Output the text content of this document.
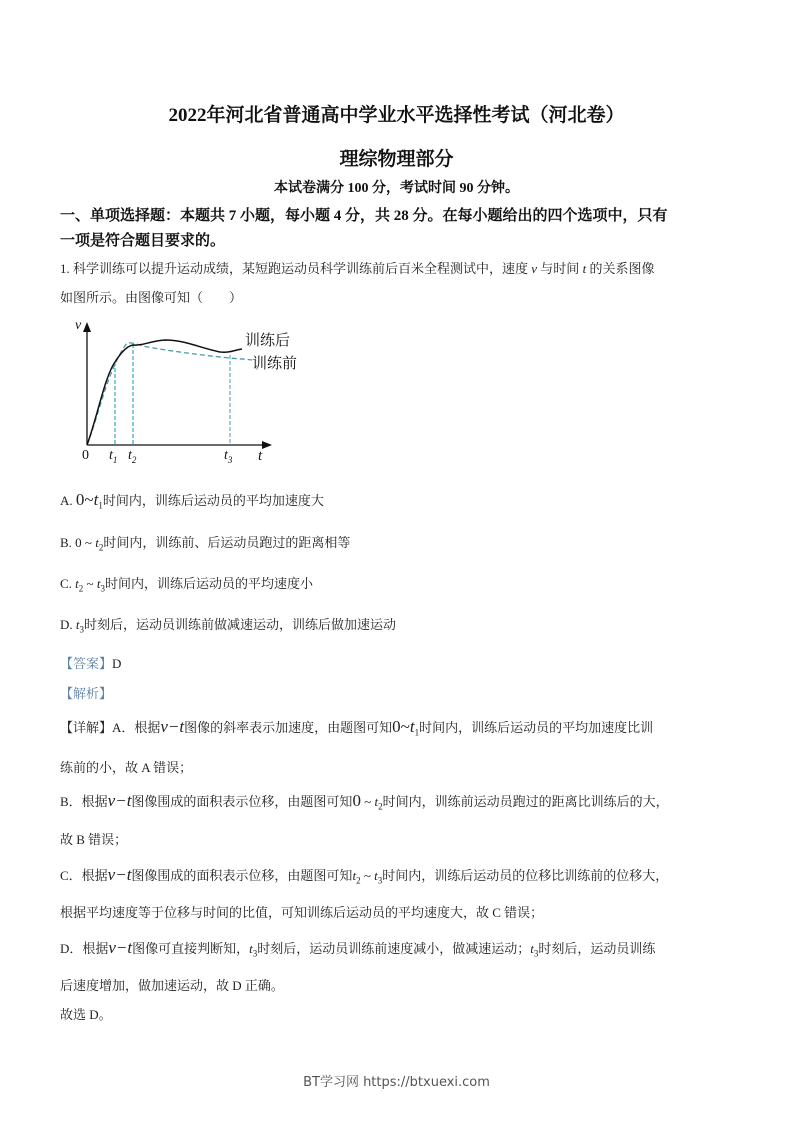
2022年河北省普通高中学业水平选择性考试（河北卷）
理综物理部分
本试卷满分 100 分，考试时间 90 分钟。
一、单项选择题：本题共 7 小题，每小题 4 分，共 28 分。在每小题给出的四个选项中，只有
一项是符合题目要求的。
1. 科学训练可以提升运动成绩，某短跑运动员科学训练前后百米全程测试中，速度 v 与时间 t 的关系图像
如图所示。由图像可知（　　）
训练后
训练前
v
0 $t_1$ $t_2$	$t_3$ t
A. $0\sim t_1$时间内，训练后运动员的平均加速度大
B. 0 ~ $t_2$时间内，训练前、后运动员跑过的距离相等
C. $t_2$ ~ $t_3$时间内，训练后运动员的平均速度小
D. $t_3$时刻后，运动员训练前做减速运动，训练后做加速运动
【答案】D
【解析】
【详解】A．根据v−t图像的斜率表示加速度，由题图可知$0\sim t_1$时间内，训练后运动员的平均加速度比训
练前的小，故 A 错误；
B．根据v−t图像围成的面积表示位移，由题图可知0 ~ $t_2$时间内，训练前运动员跑过的距离比训练后的大，
故 B 错误；
C．根据v−t图像围成的面积表示位移，由题图可知$t_2$ ~ $t_3$时间内，训练后运动员的位移比训练前的位移大，
根据平均速度等于位移与时间的比值，可知训练后运动员的平均速度大，故 C 错误；
D．根据v−t图像可直接判断知，$t_3$时刻后，运动员训练前速度减小，做减速运动；$t_3$时刻后，运动员训练
后速度增加，做加速运动，故 D 正确。
故选 D。
BT学习网 https://btxuexi.com
